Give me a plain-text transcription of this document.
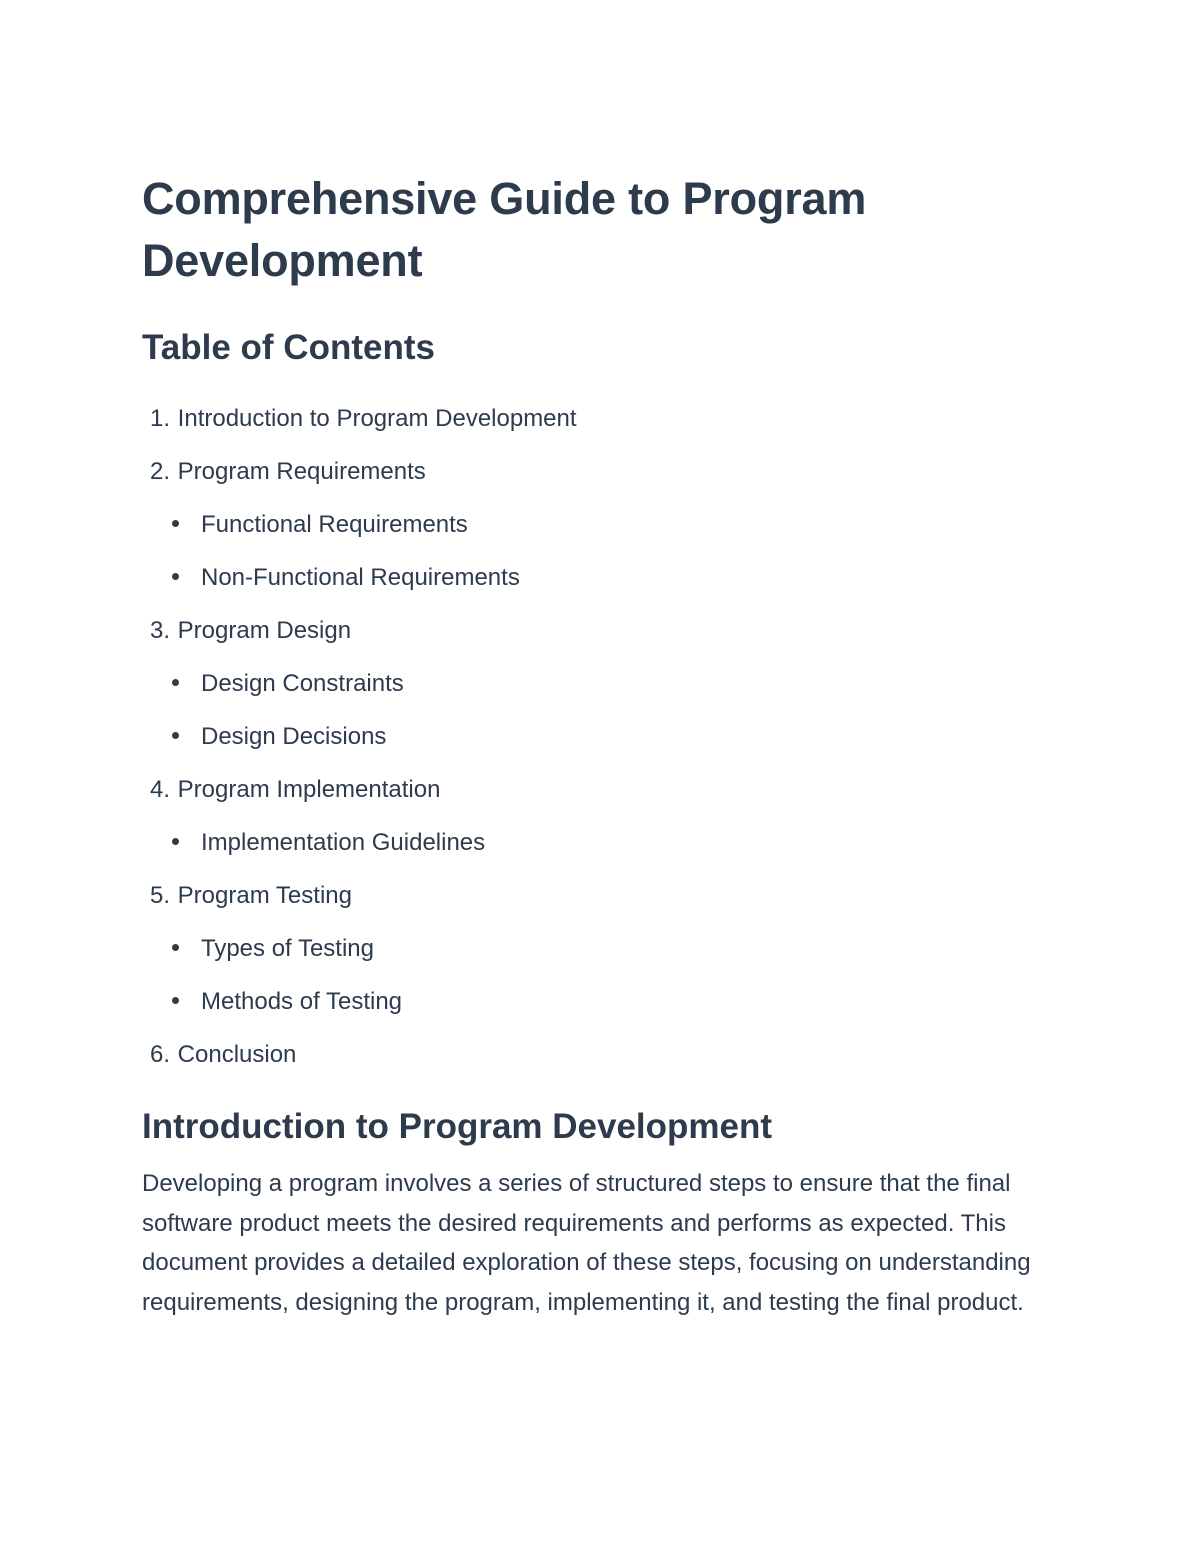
Comprehensive Guide to Program Development
Table of Contents
1. Introduction to Program Development
2. Program Requirements
Functional Requirements
Non-Functional Requirements
3. Program Design
Design Constraints
Design Decisions
4. Program Implementation
Implementation Guidelines
5. Program Testing
Types of Testing
Methods of Testing
6. Conclusion
Introduction to Program Development

Developing a program involves a series of structured steps to ensure that the final software product meets the desired requirements and performs as expected. This document provides a detailed exploration of these steps, focusing on understanding requirements, designing the program, implementing it, and testing the final product.
